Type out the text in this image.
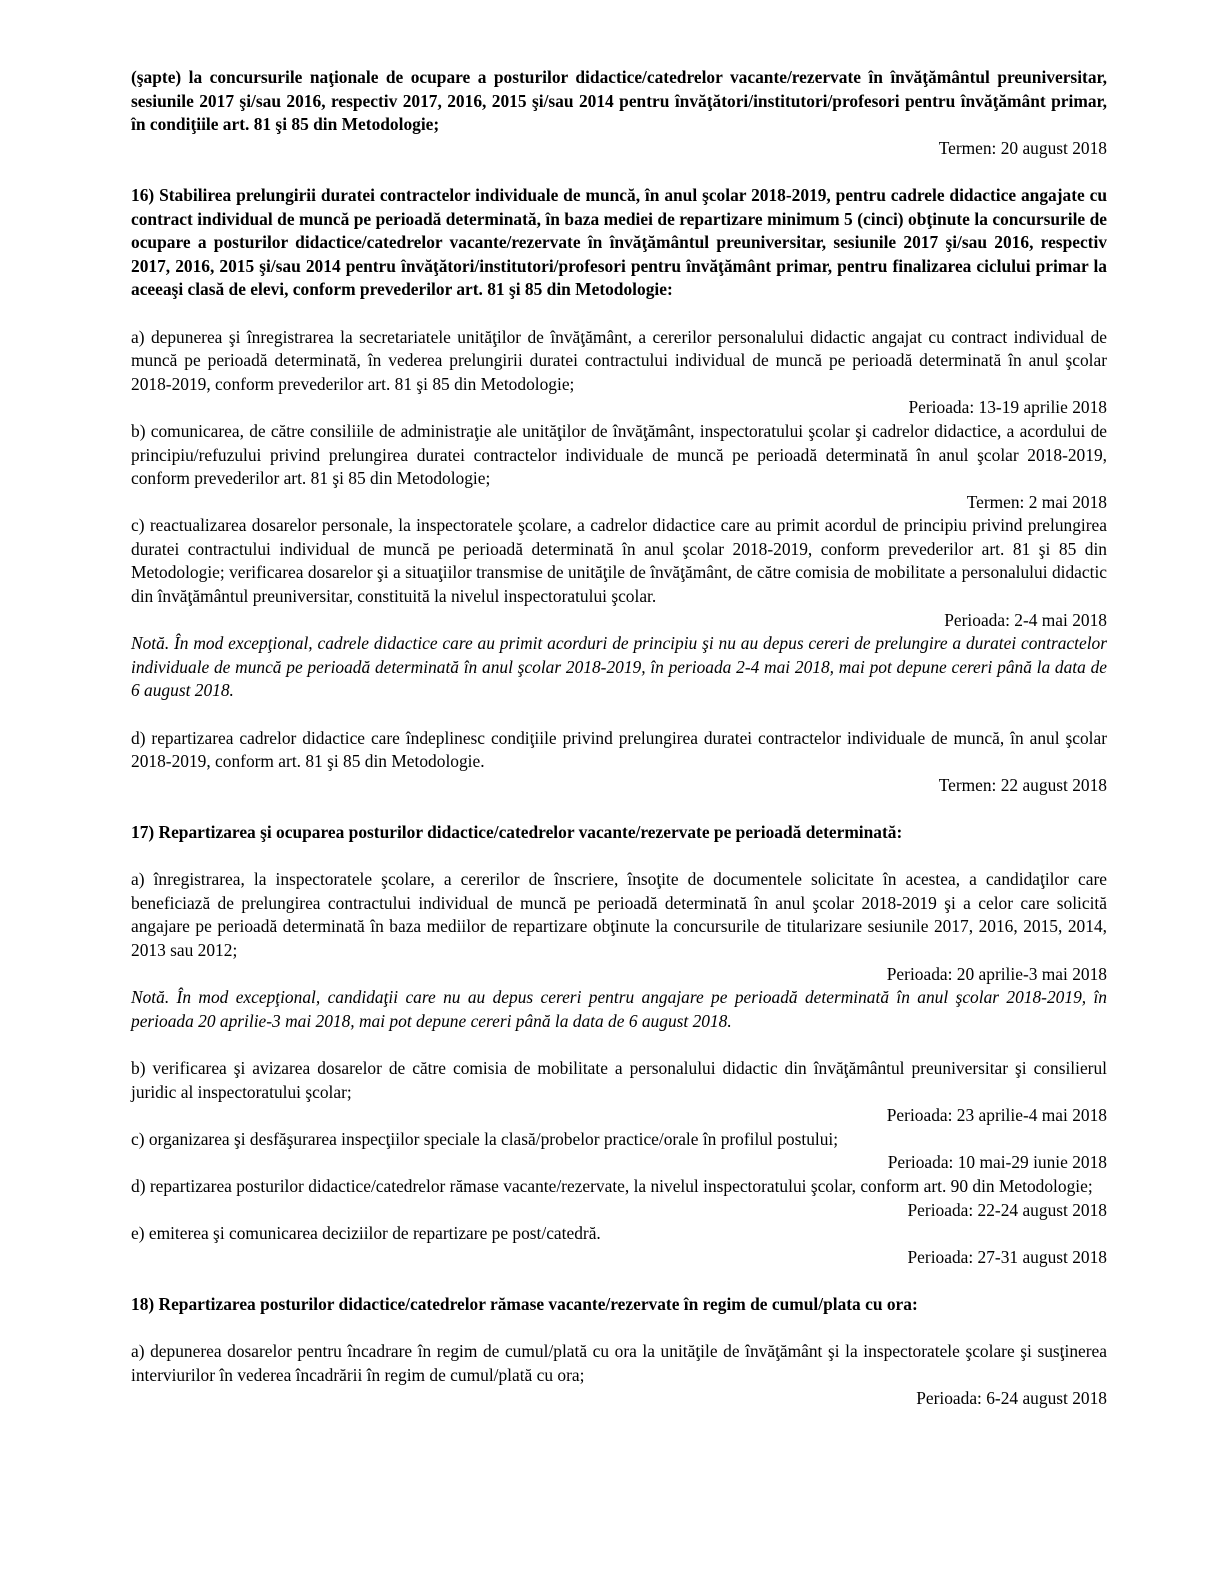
(şapte) la concursurile naţionale de ocupare a posturilor didactice/catedrelor vacante/rezervate în învăţământul preuniversitar, sesiunile 2017 şi/sau 2016, respectiv 2017, 2016, 2015 şi/sau 2014 pentru învăţători/institutori/profesori pentru învăţământ primar, în condiţiile art. 81 şi 85 din Metodologie;

Termen: 20 august 2018

16) Stabilirea prelungirii duratei contractelor individuale de muncă, în anul şcolar 2018-2019, pentru cadrele didactice angajate cu contract individual de muncă pe perioadă determinată, în baza mediei de repartizare minimum 5 (cinci) obţinute la concursurile de ocupare a posturilor didactice/catedrelor vacante/rezervate în învăţământul preuniversitar, sesiunile 2017 şi/sau 2016, respectiv 2017, 2016, 2015 şi/sau 2014 pentru învăţători/institutori/profesori pentru învăţământ primar, pentru finalizarea ciclului primar la aceeaşi clasă de elevi, conform prevederilor art. 81 şi 85 din Metodologie:

a) depunerea şi înregistrarea la secretariatele unităţilor de învăţământ, a cererilor personalului didactic angajat cu contract individual de muncă pe perioadă determinată, în vederea prelungirii duratei contractului individual de muncă pe perioadă determinată în anul şcolar 2018-2019, conform prevederilor art. 81 şi 85 din Metodologie;

Perioada: 13-19 aprilie 2018

b) comunicarea, de către consiliile de administraţie ale unităţilor de învăţământ, inspectoratului şcolar şi cadrelor didactice, a acordului de principiu/refuzului privind prelungirea duratei contractelor individuale de muncă pe perioadă determinată în anul şcolar 2018-2019, conform prevederilor art. 81 şi 85 din Metodologie;

Termen: 2 mai 2018

c) reactualizarea dosarelor personale, la inspectoratele şcolare, a cadrelor didactice care au primit acordul de principiu privind prelungirea duratei contractului individual de muncă pe perioadă determinată în anul şcolar 2018-2019, conform prevederilor art. 81 şi 85 din Metodologie; verificarea dosarelor şi a situaţiilor transmise de unităţile de învăţământ, de către comisia de mobilitate a personalului didactic din învăţământul preuniversitar, constituită la nivelul inspectoratului şcolar.

Perioada: 2-4 mai 2018

Notă. În mod excepţional, cadrele didactice care au primit acorduri de principiu şi nu au depus cereri de prelungire a duratei contractelor individuale de muncă pe perioadă determinată în anul şcolar 2018-2019, în perioada 2-4 mai 2018, mai pot depune cereri până la data de 6 august 2018.

d) repartizarea cadrelor didactice care îndeplinesc condiţiile privind prelungirea duratei contractelor individuale de muncă, în anul şcolar 2018-2019, conform art. 81 şi 85 din Metodologie.

Termen: 22 august 2018

17) Repartizarea şi ocuparea posturilor didactice/catedrelor vacante/rezervate pe perioadă determinată:

a) înregistrarea, la inspectoratele şcolare, a cererilor de înscriere, însoţite de documentele solicitate în acestea, a candidaţilor care beneficiază de prelungirea contractului individual de muncă pe perioadă determinată în anul şcolar 2018-2019 şi a celor care solicită angajare pe perioadă determinată în baza mediilor de repartizare obţinute la concursurile de titularizare sesiunile 2017, 2016, 2015, 2014, 2013 sau 2012;

Perioada: 20 aprilie-3 mai 2018

Notă. În mod excepţional, candidaţii care nu au depus cereri pentru angajare pe perioadă determinată în anul şcolar 2018-2019, în perioada 20 aprilie-3 mai 2018, mai pot depune cereri până la data de 6 august 2018.

b) verificarea şi avizarea dosarelor de către comisia de mobilitate a personalului didactic din învăţământul preuniversitar şi consilierul juridic al inspectoratului şcolar;

Perioada: 23 aprilie-4 mai 2018

c) organizarea şi desfăşurarea inspecţiilor speciale la clasă/probelor practice/orale în profilul postului;

Perioada: 10 mai-29 iunie 2018

d) repartizarea posturilor didactice/catedrelor rămase vacante/rezervate, la nivelul inspectoratului şcolar, conform art. 90 din Metodologie;

Perioada: 22-24 august 2018

e) emiterea şi comunicarea deciziilor de repartizare pe post/catedră.

Perioada: 27-31 august 2018

18) Repartizarea posturilor didactice/catedrelor rămase vacante/rezervate în regim de cumul/plata cu ora:

a) depunerea dosarelor pentru încadrare în regim de cumul/plată cu ora la unităţile de învăţământ şi la inspectoratele şcolare şi susţinerea interviurilor în vederea încadrării în regim de cumul/plată cu ora;

Perioada: 6-24 august 2018
